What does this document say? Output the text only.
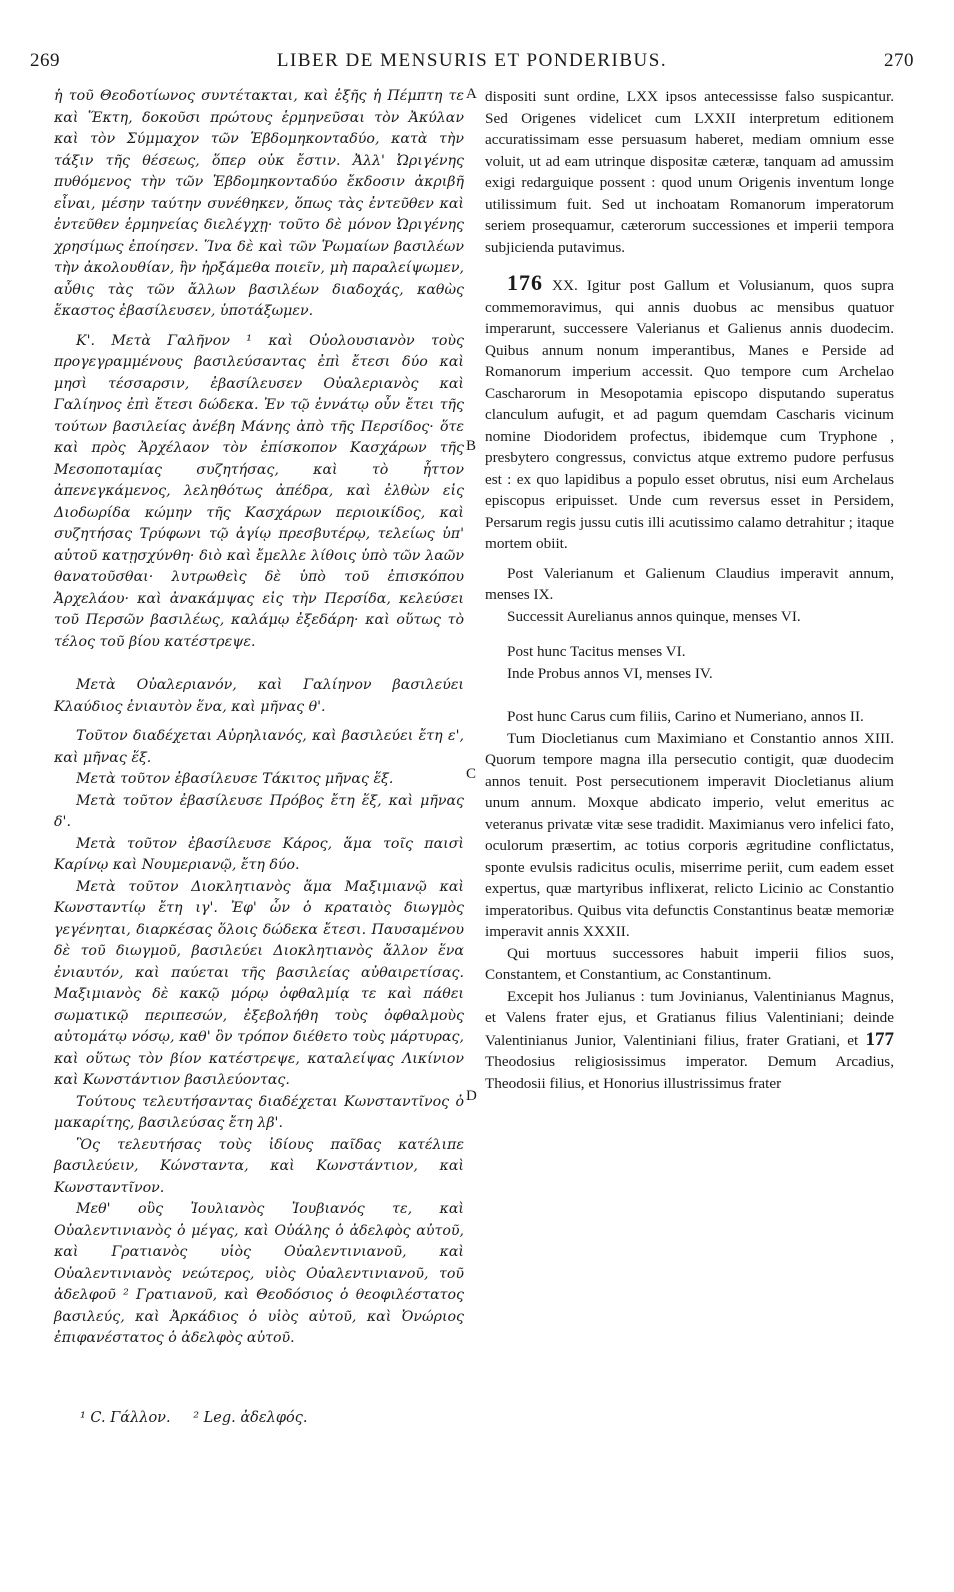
269	LIBER DE MENSURIS ET PONDERIBUS.	270

ἡ τοῦ Θεοδοτίωνος συντέτακται, καὶ ἑξῆς ἡ Πέμπτη τε καὶ Ἕκτη, δοκοῦσι πρώτους ἑρμηνεῦσαι τὸν Ἀκύλαν καὶ τὸν Σύμμαχον τῶν Ἑβδομηκονταδύο, κατὰ τὴν τάξιν τῆς θέσεως, ὅπερ οὐκ ἔστιν. Ἀλλ' Ὠριγένης πυθόμενος τὴν τῶν Ἑβδομηκονταδύο ἔκδοσιν ἀκριβῆ εἶναι, μέσην ταύτην συνέθηκεν, ὅπως τὰς ἐντεῦθεν καὶ ἐντεῦθεν ἑρμηνείας διελέγχῃ· τοῦτο δὲ μόνον Ὠριγένης χρησίμως ἐποίησεν. Ἵνα δὲ καὶ τῶν Ῥωμαίων βασιλέων τὴν ἀκολουθίαν, ἣν ἠρξάμεθα ποιεῖν, μὴ παραλείψωμεν, αὖθις τὰς τῶν ἄλλων βασιλέων διαδοχάς, καθὼς ἕκαστος ἐβασίλευσεν, ὑποτάξωμεν.

Κ'. Μετὰ Γαλῆνον ¹ καὶ Οὐολουσιανὸν τοὺς προγεγραμμένους βασιλεύσαντας ἐπὶ ἔτεσι δύο καὶ μησὶ τέσσαρσιν, ἐβασίλευσεν Οὐαλεριανὸς καὶ Γαλίηνος ἐπὶ ἔτεσι δώδεκα. Ἐν τῷ ἐννάτῳ οὖν ἔτει τῆς τούτων βασιλείας ἀνέβη Μάνης ἀπὸ τῆς Περσίδος· ὅτε καὶ πρὸς Ἀρχέλαον τὸν ἐπίσκοπον Κασχάρων τῆς Μεσοποταμίας συζητήσας, καὶ τὸ ἧττον ἀπενεγκάμενος, λεληθότως ἀπέδρα, καὶ ἐλθὼν εἰς Διοδωρίδα κώμην τῆς Κασχάρων περιοικίδος, καὶ συζητήσας Τρύφωνι τῷ ἁγίῳ πρεσβυτέρῳ, τελείως ὑπ' αὐτοῦ κατῃσχύνθη· διὸ καὶ ἔμελλε λίθοις ὑπὸ τῶν λαῶν θανατοῦσθαι· λυτρωθεὶς δὲ ὑπὸ τοῦ ἐπισκόπου Ἀρχελάου· καὶ ἀνακάμψας εἰς τὴν Περσίδα, κελεύσει τοῦ Περσῶν βασιλέως, καλάμῳ ἐξεδάρη· καὶ οὕτως τὸ τέλος τοῦ βίου κατέστρεψε.

Μετὰ Οὐαλεριανόν, καὶ Γαλίηνον βασιλεύει Κλαύδιος ἐνιαυτὸν ἕνα, καὶ μῆνας θ'.

Τοῦτον διαδέχεται Αὐρηλιανός, καὶ βασιλεύει ἔτη ε', καὶ μῆνας ἕξ.

Μετὰ τοῦτον ἐβασίλευσε Τάκιτος μῆνας ἕξ.

Μετὰ τοῦτον ἐβασίλευσε Πρόβος ἔτη ἕξ, καὶ μῆνας δ'.

Μετὰ τοῦτον ἐβασίλευσε Κάρος, ἅμα τοῖς παισὶ Καρίνῳ καὶ Νουμεριανῷ, ἔτη δύο.

Μετὰ τοῦτον Διοκλητιανὸς ἅμα Μαξιμιανῷ καὶ Κωνσταντίῳ ἔτη ιγ'. Ἐφ' ὧν ὁ κραταιὸς διωγμὸς γεγένηται, διαρκέσας ὅλοις δώδεκα ἔτεσι. Παυσαμένου δὲ τοῦ διωγμοῦ, βασιλεύει Διοκλητιανὸς ἄλλον ἕνα ἐνιαυτόν, καὶ παύεται τῆς βασιλείας αὐθαιρετίσας. Μαξιμιανὸς δὲ κακῷ μόρῳ ὀφθαλμίᾳ τε καὶ πάθει σωματικῷ περιπεσών, ἐξεβολήθη τοὺς ὀφθαλμοὺς αὐτομάτῳ νόσῳ, καθ' ὃν τρόπον διέθετο τοὺς μάρτυρας, καὶ οὕτως τὸν βίον κατέστρεψε, καταλείψας Λικίνιον καὶ Κωνστάντιον βασιλεύοντας.

Τούτους τελευτήσαντας διαδέχεται Κωνσταντῖνος ὁ μακαρίτης, βασιλεύσας ἔτη λβ'.

Ὃς τελευτήσας τοὺς ἰδίους παῖδας κατέλιπε βασιλεύειν, Κώνσταντα, καὶ Κωνστάντιον, καὶ Κωνσταντῖνον.

Μεθ' οὓς Ἰουλιανὸς Ἰουβιανός τε, καὶ Οὐαλεντινιανὸς ὁ μέγας, καὶ Οὐάλης ὁ ἀδελφὸς αὐτοῦ, καὶ Γρατιανὸς υἱὸς Οὐαλεντινιανοῦ, καὶ Οὐαλεντινιανὸς νεώτερος, υἱὸς Οὐαλεντινιανοῦ, τοῦ ἀδελφοῦ ² Γρατιανοῦ, καὶ Θεοδόσιος ὁ θεοφιλέστατος βασιλεύς, καὶ Ἀρκάδιος ὁ υἱὸς αὐτοῦ, καὶ Ὀνώριος ἐπιφανέστατος ὁ ἀδελφὸς αὐτοῦ.

A
B
C
D

dispositi sunt ordine, LXX ipsos antecessisse falso suspicantur. Sed Origenes videlicet cum LXXII interpretum editionem accuratissimam esse persuasum haberet, mediam omnium esse voluit, ut ad eam utrinque dispositæ cæteræ, tanquam ad amussim exigi redarguique possent : quod unum Origenis inventum longe utilissimum fuit. Sed ut inchoatam Romanorum imperatorum seriem prosequamur, cæterorum successiones et imperii tempora subjicienda putavimus.

176 XX. Igitur post Gallum et Volusianum, quos supra commemoravimus, qui annis duobus ac mensibus quatuor imperarunt, successere Valerianus et Galienus annis duodecim. Quibus annum nonum imperantibus, Manes e Perside ad Romanorum imperium accessit. Quo tempore cum Archelao Cascharorum in Mesopotamia episcopo disputando superatus clanculum aufugit, et ad pagum quemdam Cascharis vicinum nomine Diodoridem profectus, ibidemque cum Tryphone , presbytero congressus, convictus atque extremo pudore perfusus est : ex quo lapidibus a populo esset obrutus, nisi eum Archelaus episcopus eripuisset. Unde cum reversus esset in Persidem, Persarum regis jussu cutis illi acutissimo calamo detrahitur ; itaque mortem obiit.

Post Valerianum et Galienum Claudius imperavit annum, menses IX.

Successit Aurelianus annos quinque, menses VI.

Post hunc Tacitus menses VI.

Inde Probus annos VI, menses IV.

Post hunc Carus cum filiis, Carino et Numeriano, annos II.

Tum Diocletianus cum Maximiano et Constantio annos XIII. Quorum tempore magna illa persecutio contigit, quæ duodecim annos tenuit. Post persecutionem imperavit Diocletianus alium unum annum. Moxque abdicato imperio, velut emeritus ac veteranus privatæ vitæ sese tradidit. Maximianus vero infelici fato, oculorum præsertim, ac totius corporis ægritudine conflictatus, sponte evulsis radicitus oculis, miserrime periit, cum eadem esset expertus, quæ martyribus inflixerat, relicto Licinio ac Constantio imperatoribus. Quibus vita defunctis Constantinus beatæ memoriæ imperavit annis XXXII.

Qui mortuus successores habuit imperii filios suos, Constantem, et Constantium, ac Constantinum.

Excepit hos Julianus : tum Jovinianus, Valentinianus Magnus, et Valens frater ejus, et Gratianus filius Valentiniani; deinde Valentinianus Junior, Valentiniani filius, frater Gratiani, et 177 Theodosius religiosissimus imperator. Demum Arcadius, Theodosii filius, et Honorius illustrissimus frater

¹ C. Γάλλον. ² Leg. ἀδελφός.
